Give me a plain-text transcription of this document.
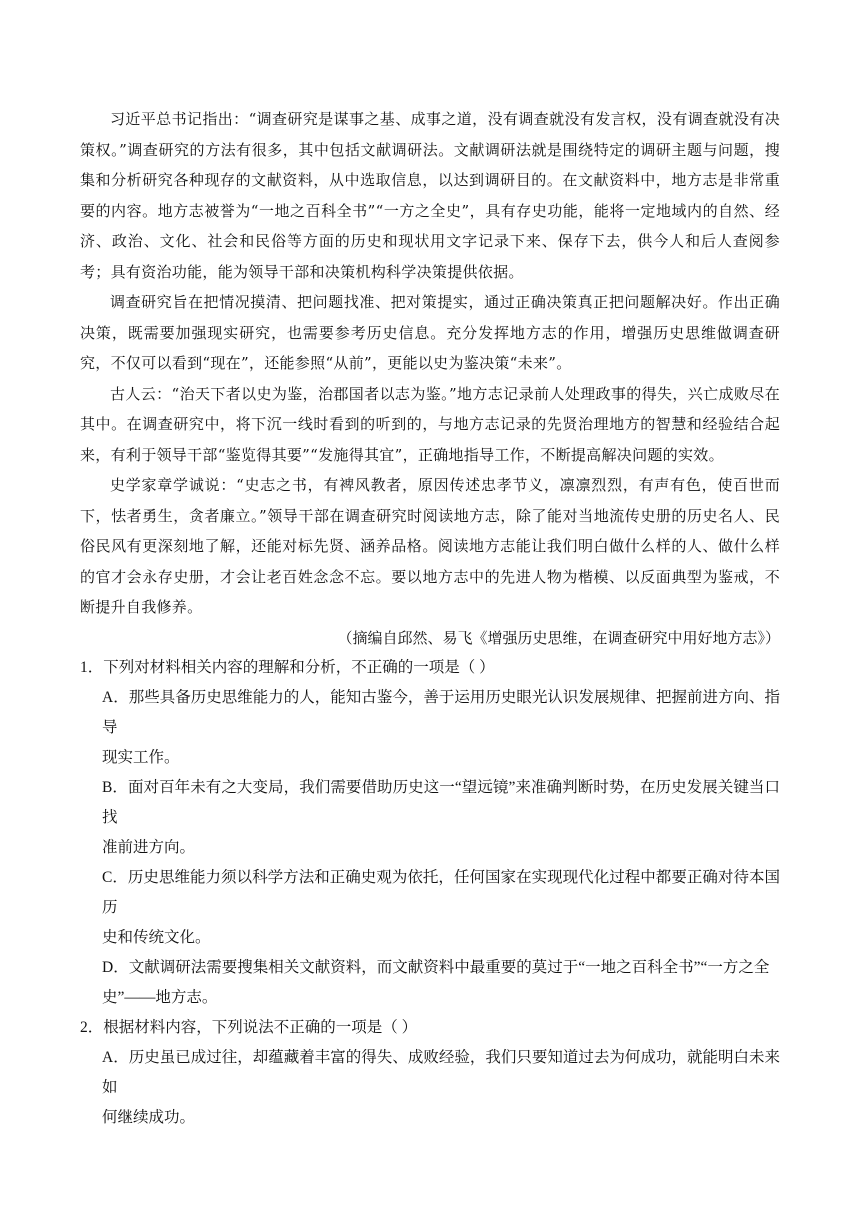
习近平总书记指出：“调查研究是谋事之基、成事之道，没有调查就没有发言权，没有调查就没有决策权。”调查研究的方法有很多，其中包括文献调研法。文献调研法就是围绕特定的调研主题与问题，搜集和分析研究各种现存的文献资料，从中选取信息，以达到调研目的。在文献资料中，地方志是非常重要的内容。地方志被誉为“一地之百科全书”“一方之全史”，具有存史功能，能将一定地域内的自然、经济、政治、文化、社会和民俗等方面的历史和现状用文字记录下来、保存下去，供今人和后人查阅参考；具有资治功能，能为领导干部和决策机构科学决策提供依据。

调查研究旨在把情况摸清、把问题找准、把对策提实，通过正确决策真正把问题解决好。作出正确决策，既需要加强现实研究，也需要参考历史信息。充分发挥地方志的作用，增强历史思维做调查研究，不仅可以看到“现在”，还能参照“从前”，更能以史为鉴决策“未来”。

古人云：“治天下者以史为鉴，治郡国者以志为鉴。”地方志记录前人处理政事的得失，兴亡成败尽在其中。在调查研究中，将下沉一线时看到的听到的，与地方志记录的先贤治理地方的智慧和经验结合起来，有利于领导干部“鉴览得其要”“发施得其宜”，正确地指导工作，不断提高解决问题的实效。

史学家章学诚说：“史志之书，有裨风教者，原因传述忠孝节义，凛凛烈烈，有声有色，使百世而下，怯者勇生，贪者廉立。”领导干部在调查研究时阅读地方志，除了能对当地流传史册的历史名人、民俗民风有更深刻地了解，还能对标先贤、涵养品格。阅读地方志能让我们明白做什么样的人、做什么样的官才会永存史册，才会让老百姓念念不忘。要以地方志中的先进人物为楷模、以反面典型为鉴戒，不断提升自我修养。

（摘编自邱然、易飞《增强历史思维，在调查研究中用好地方志》）

1．下列对材料相关内容的理解和分析，不正确的一项是（ ）

A．那些具备历史思维能力的人，能知古鉴今，善于运用历史眼光认识发展规律、把握前进方向、指导
现实工作。
B．面对百年未有之大变局，我们需要借助历史这一“望远镜”来准确判断时势，在历史发展关键当口找
准前进方向。
C．历史思维能力须以科学方法和正确史观为依托，任何国家在实现现代化过程中都要正确对待本国历
史和传统文化。
D．文献调研法需要搜集相关文献资料，而文献资料中最重要的莫过于“一地之百科全书”“一方之全
史”——地方志。

2．根据材料内容，下列说法不正确的一项是（ ）

A．历史虽已成过往，却蕴藏着丰富的得失、成败经验，我们只要知道过去为何成功，就能明白未来如
何继续成功。
